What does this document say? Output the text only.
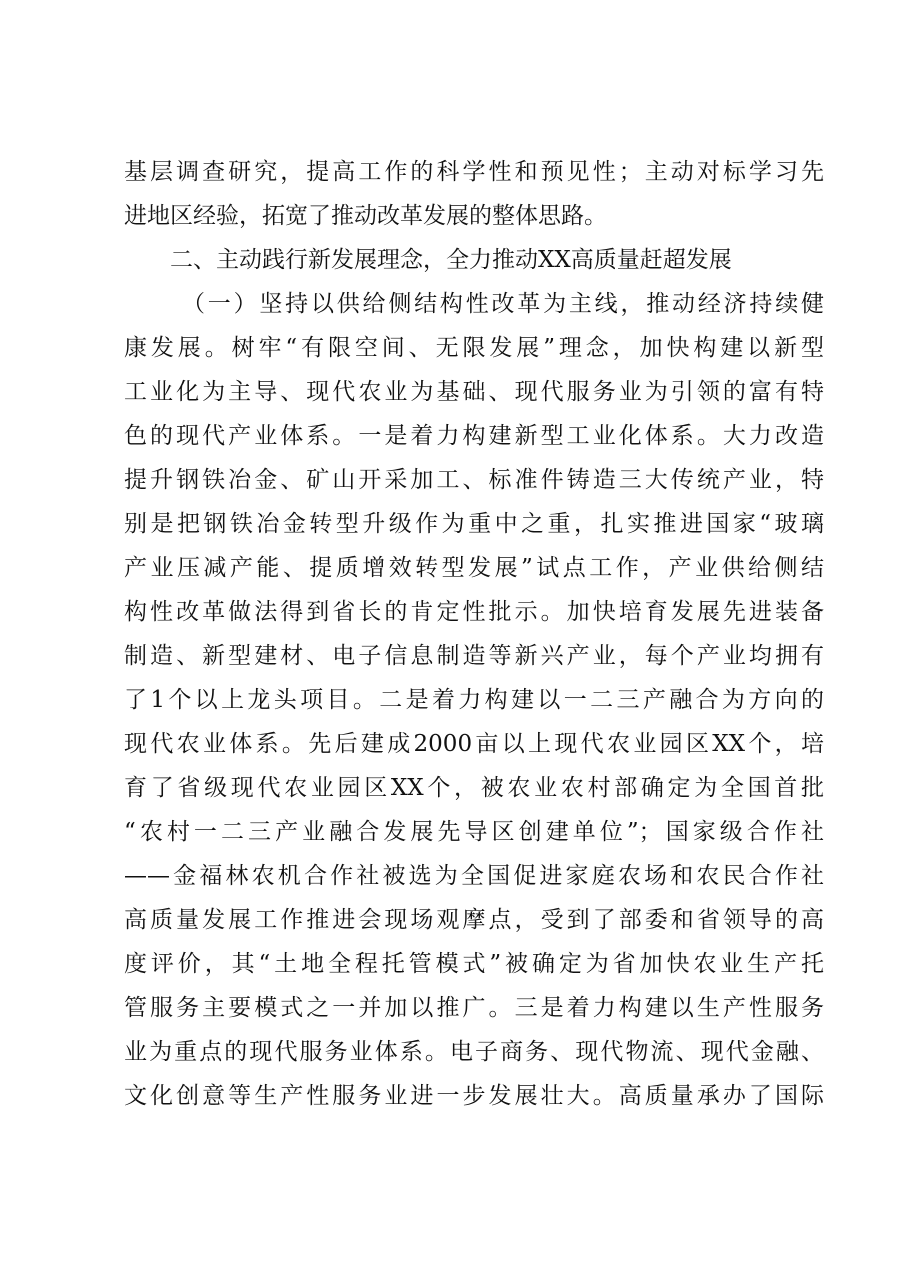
基层调查研究，提高工作的科学性和预见性；主动对标学习先
进地区经验，拓宽了推动改革发展的整体思路。
二、主动践行新发展理念，全力推动XX高质量赶超发展
（一）坚持以供给侧结构性改革为主线，推动经济持续健
康发展。树牢“有限空间、无限发展”理念，加快构建以新型
工业化为主导、现代农业为基础、现代服务业为引领的富有特
色的现代产业体系。一是着力构建新型工业化体系。大力改造
提升钢铁冶金、矿山开采加工、标准件铸造三大传统产业，特
别是把钢铁冶金转型升级作为重中之重，扎实推进国家“玻璃
产业压减产能、提质增效转型发展”试点工作，产业供给侧结
构性改革做法得到省长的肯定性批示。加快培育发展先进装备
制造、新型建材、电子信息制造等新兴产业，每个产业均拥有
了1个以上龙头项目。二是着力构建以一二三产融合为方向的
现代农业体系。先后建成2000亩以上现代农业园区XX个，培
育了省级现代农业园区XX个，被农业农村部确定为全国首批
“农村一二三产业融合发展先导区创建单位”；国家级合作社
——金福林农机合作社被选为全国促进家庭农场和农民合作社
高质量发展工作推进会现场观摩点，受到了部委和省领导的高
度评价，其“土地全程托管模式”被确定为省加快农业生产托
管服务主要模式之一并加以推广。三是着力构建以生产性服务
业为重点的现代服务业体系。电子商务、现代物流、现代金融、
文化创意等生产性服务业进一步发展壮大。高质量承办了国际
